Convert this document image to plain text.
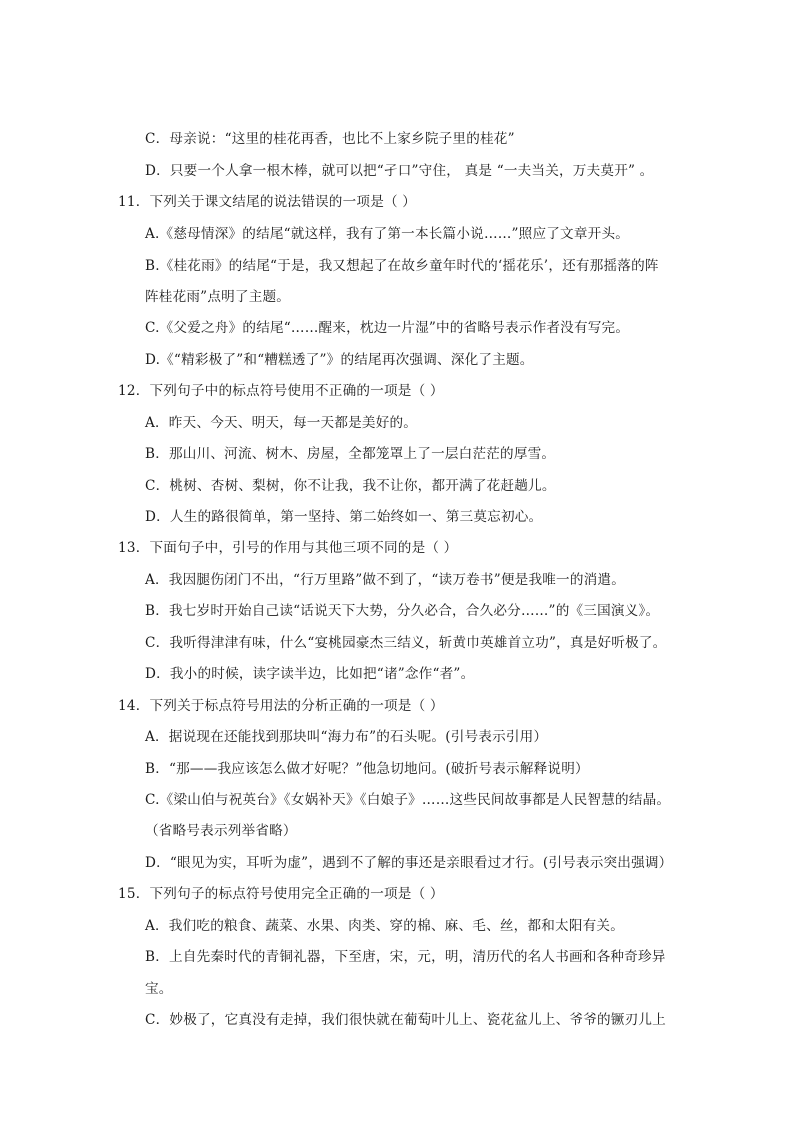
C．母亲说：“这里的桂花再香，也比不上家乡院子里的桂花”
D．只要一个人拿一根木棒，就可以把“孑口”守住， 真是 “一夫当关，万夫莫开” 。
11．下列关于课文结尾的说法错误的一项是（ ）
A.《慈母情深》的结尾“就这样，我有了第一本长篇小说……”照应了文章开头。
B.《桂花雨》的结尾“于是，我又想起了在故乡童年时代的‘摇花乐’，还有那摇落的阵
阵桂花雨”点明了主题。
C.《父爱之舟》的结尾“……醒来，枕边一片湿”中的省略号表示作者没有写完。
D.《“精彩极了”和“糟糕透了”》的结尾再次强调、深化了主题。
12．下列句子中的标点符号使用不正确的一项是（ ）
A．昨天、今天、明天，每一天都是美好的。
B．那山川、河流、树木、房屋，全都笼罩上了一层白茫茫的厚雪。
C．桃树、杏树、梨树，你不让我，我不让你，都开满了花赶趟儿。
D．人生的路很简单，第一坚持、第二始终如一、第三莫忘初心。
13．下面句子中，引号的作用与其他三项不同的是（ ）
A．我因腿伤闭门不出，“行万里路”做不到了，“读万卷书”便是我唯一的消遣。
B．我七岁时开始自己读“话说天下大势，分久必合，合久必分……”的《三国演义》。
C．我听得津津有味，什么“宴桃园豪杰三结义，斩黄巾英雄首立功”，真是好听极了。
D．我小的时候，读字读半边，比如把“诸”念作“者”。
14．下列关于标点符号用法的分析正确的一项是（ ）
A．据说现在还能找到那块叫“海力布”的石头呢。(引号表示引用）
B．“那——我应该怎么做才好呢？”他急切地问。(破折号表示解释说明）
C.《梁山伯与祝英台》《女娲补天》《白娘子》……这些民间故事都是人民智慧的结晶。
（省略号表示列举省略）
D．“眼见为实，耳听为虚”，遇到不了解的事还是亲眼看过才行。(引号表示突出强调）
15．下列句子的标点符号使用完全正确的一项是（ ）
A．我们吃的粮食、蔬菜、水果、肉类、穿的棉、麻、毛、丝，都和太阳有关。
B．上自先秦时代的青铜礼器，下至唐，宋，元，明，清历代的名人书画和各种奇珍异
宝。
C．妙极了，它真没有走掉，我们很快就在葡萄叶儿上、瓷花盆儿上、爷爷的镢刃儿上
